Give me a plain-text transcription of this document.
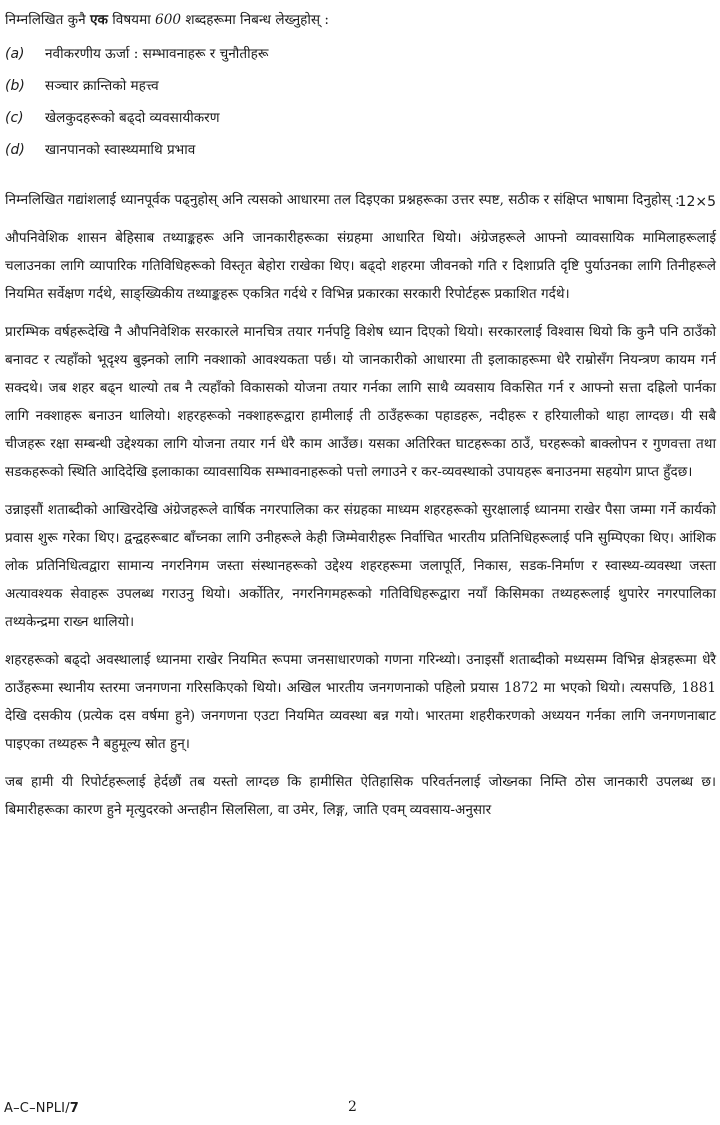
निम्नलिखित कुनै एक विषयमा 600 शब्दहरूमा निबन्ध लेख्नुहोस् :

(a)	नवीकरणीय ऊर्जा : सम्भावनाहरू र चुनौतीहरू
(b)	सञ्चार क्रान्तिको महत्त्व
(c)	खेलकुदहरूको बढ्दो व्यवसायीकरण
(d)	खानपानको स्वास्थ्यमाथि प्रभाव
निम्नलिखित गद्यांशलाई ध्यानपूर्वक पढ्नुहोस् अनि त्यसको आधारमा तल दिइएका प्रश्नहरूका उत्तर स्पष्ट, सठीक र संक्षिप्त भाषामा दिनुहोस् :
12×5

औपनिवेशिक शासन बेहिसाब तथ्याङ्कहरू अनि जानकारीहरूका संग्रहमा आधारित थियो। अंग्रेजहरूले आफ्नो व्यावसायिक मामिलाहरूलाई चलाउनका लागि व्यापारिक गतिविधिहरूको विस्तृत बेहोरा राखेका थिए। बढ्दो शहरमा जीवनको गति र दिशाप्रति दृष्टि पुर्याउनका लागि तिनीहरूले नियमित सर्वेक्षण गर्दथे, साङ्ख्यिकीय तथ्याङ्कहरू एकत्रित गर्दथे र विभिन्न प्रकारका सरकारी रिपोर्टहरू प्रकाशित गर्दथे।

प्रारम्भिक वर्षहरूदेखि नै औपनिवेशिक सरकारले मानचित्र तयार गर्नपट्टि विशेष ध्यान दिएको थियो। सरकारलाई विश्वास थियो कि कुनै पनि ठाउँको बनावट र त्यहाँको भूदृश्य बुझ्नको लागि नक्शाको आवश्यकता पर्छ। यो जानकारीको आधारमा ती इलाकाहरूमा धेरै राम्रोसँग नियन्त्रण कायम गर्न सक्दथे। जब शहर बढ्न थाल्यो तब नै त्यहाँको विकासको योजना तयार गर्नका लागि साथै व्यवसाय विकसित गर्न र आफ्नो सत्ता दह्रिलो पार्नका लागि नक्शाहरू बनाउन थालियो। शहरहरूको नक्शाहरूद्वारा हामीलाई ती ठाउँहरूका पहाडहरू, नदीहरू र हरियालीको थाहा लाग्दछ। यी सबै चीजहरू रक्षा सम्बन्धी उद्देश्यका लागि योजना तयार गर्न धेरै काम आउँछ। यसका अतिरिक्त घाटहरूका ठाउँ, घरहरूको बाक्लोपन र गुणवत्ता तथा सडकहरूको स्थिति आदिदेखि इलाकाका व्यावसायिक सम्भावनाहरूको पत्तो लगाउने र कर-व्यवस्थाको उपायहरू बनाउनमा सहयोग प्राप्त हुँदछ।

उन्नाइसौं शताब्दीको आखिरदेखि अंग्रेजहरूले वार्षिक नगरपालिका कर संग्रहका माध्यम शहरहरूको सुरक्षालाई ध्यानमा राखेर पैसा जम्मा गर्ने कार्यको प्रवास शुरू गरेका थिए। द्वन्द्वहरूबाट बाँच्नका लागि उनीहरूले केही जिम्मेवारीहरू निर्वाचित भारतीय प्रतिनिधिहरूलाई पनि सुम्पिएका थिए। आंशिक लोक प्रतिनिधित्वद्वारा सामान्य नगरनिगम जस्ता संस्थानहरूको उद्देश्य शहरहरूमा जलापूर्ति, निकास, सडक-निर्माण र स्वास्थ्य-व्यवस्था जस्ता अत्यावश्यक सेवाहरू उपलब्ध गराउनु थियो। अर्कोतिर, नगरनिगमहरूको गतिविधिहरूद्वारा नयाँ किसिमका तथ्यहरूलाई थुपारेर नगरपालिका तथ्यकेन्द्रमा राख्न थालियो।

शहरहरूको बढ्दो अवस्थालाई ध्यानमा राखेर नियमित रूपमा जनसाधारणको गणना गरिन्थ्यो। उनाइसौं शताब्दीको मध्यसम्म विभिन्न क्षेत्रहरूमा धेरै ठाउँहरूमा स्थानीय स्तरमा जनगणना गरिसकिएको थियो। अखिल भारतीय जनगणनाको पहिलो प्रयास 1872 मा भएको थियो। त्यसपछि, 1881 देखि दसकीय (प्रत्येक दस वर्षमा हुने) जनगणना एउटा नियमित व्यवस्था बन्न गयो। भारतमा शहरीकरणको अध्ययन गर्नका लागि जनगणनाबाट पाइएका तथ्यहरू नै बहुमूल्य स्रोत हुन्।

जब हामी यी रिपोर्टहरूलाई हेर्दछौं तब यस्तो लाग्दछ कि हामीसित ऐतिहासिक परिवर्तनलाई जोख्नका निम्ति ठोस जानकारी उपलब्ध छ। बिमारीहरूका कारण हुने मृत्युदरको अन्तहीन सिलसिला, वा उमेर, लिङ्ग, जाति एवम् व्यवसाय-अनुसार

A–C–NPLI/7	2
